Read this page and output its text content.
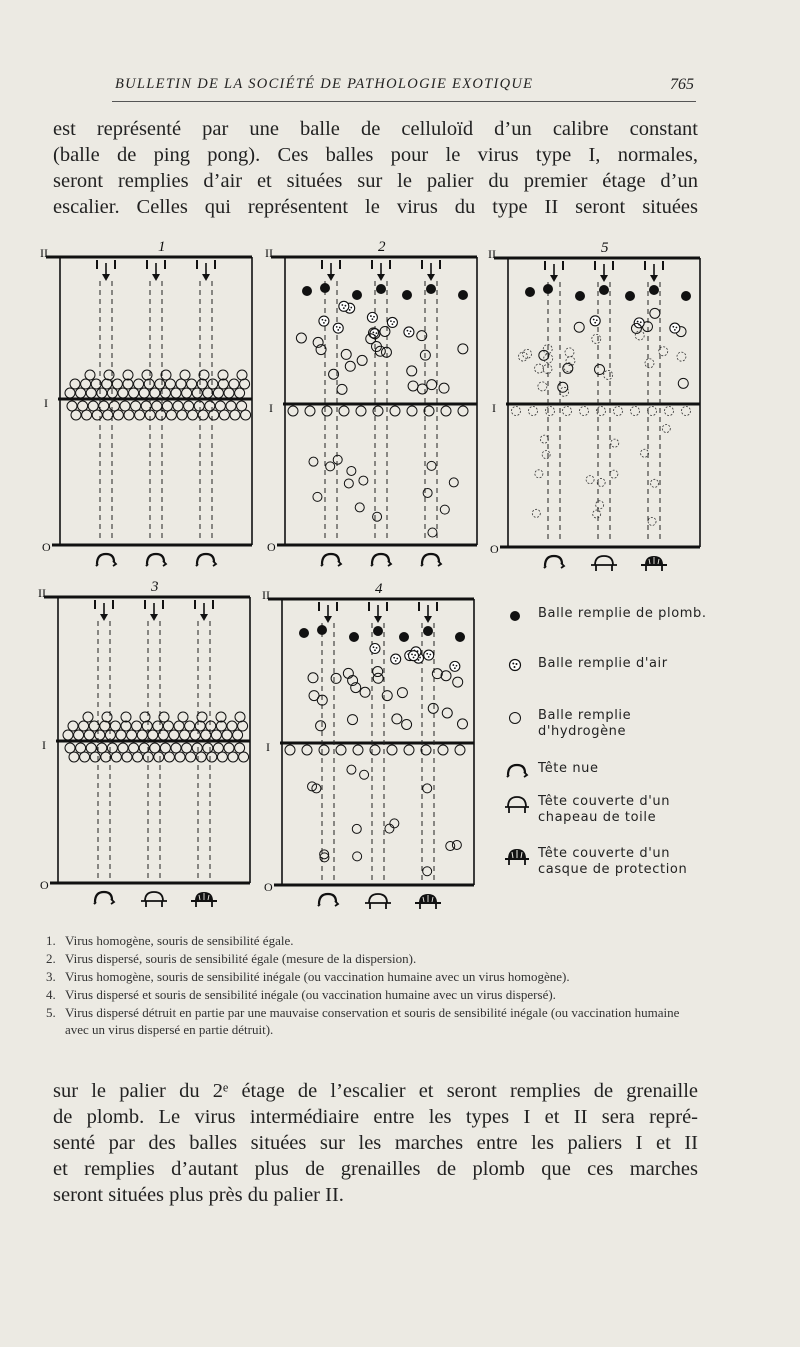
BULLETIN DE LA SOCIÉTÉ DE PATHOLOGIE EXOTIQUE	765
est représenté par une balle de celluloïd d’un calibre constant
(balle de ping pong). Ces balles pour le virus type I, normales,
seront remplies d’air et situées sur le palier du premier étage d’un
escalier. Celles qui représentent le virus du type II seront situées
II
I
O
1	II
I
O
2	II
I
O
5
II
I
O
3	II
I
O
4
Balle remplie de plomb.
Balle remplie d'air
Balle remplie d'hydrogène
Tête nue
Tête couverte d'un chapeau de toile
Tête couverte d'un casque de protection
1. Virus homogène, souris de sensibilité égale.
2. Virus dispersé, souris de sensibilité égale (mesure de la dispersion).
3. Virus homogène, souris de sensibilité inégale (ou vaccination humaine avec un virus homogène).
4. Virus dispersé et souris de sensibilité inégale (ou vaccination humaine avec un virus dispersé).
5. Virus dispersé détruit en partie par une mauvaise conservation et souris de sensibilité inégale (ou vaccination humaine avec un virus dispersé en partie détruit).
sur le palier du 2ᵉ étage de l’escalier et seront remplies de grenaille
de plomb. Le virus intermédiaire entre les types I et II sera repré-
senté par des balles situées sur les marches entre les paliers I et II
et remplies d’autant plus de grenailles de plomb que ces marches
seront situées plus près du palier II.
